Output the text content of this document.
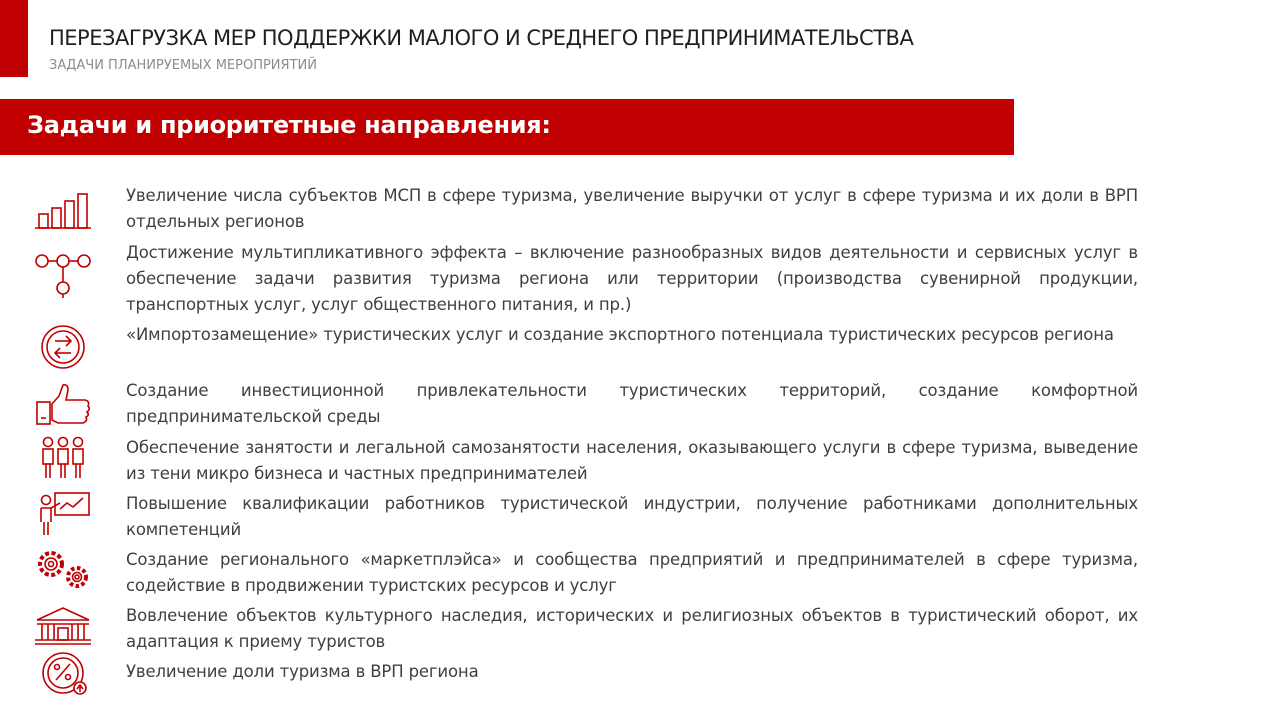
ПЕРЕЗАГРУЗКА МЕР ПОДДЕРЖКИ МАЛОГО И СРЕДНЕГО ПРЕДПРИНИМАТЕЛЬСТВА
ЗАДАЧИ ПЛАНИРУЕМЫХ МЕРОПРИЯТИЙ
Задачи и приоритетные направления:

Увеличение числа субъектов МСП в сфере туризма, увеличение выручки от услуг в сфере туризма и их доли в ВРП отдельных регионов

Достижение мультипликативного эффекта – включение разнообразных видов деятельности и сервисных услуг в обеспечение задачи развития туризма региона или территории (производства сувенирной продукции, транспортных услуг, услуг общественного питания, и пр.)

«Импортозамещение» туристических услуг и создание экспортного потенциала туристических ресурсов региона

Создание инвестиционной привлекательности туристических территорий, создание комфортной предпринимательской среды

Обеспечение занятости и легальной самозанятости населения, оказывающего услуги в сфере туризма, выведение из тени микро бизнеса и частных предпринимателей

Повышение квалификации работников туристической индустрии, получение работниками дополнительных компетенций

Создание регионального «маркетплэйса» и сообщества предприятий и предпринимателей в сфере туризма, содействие в продвижении туристских ресурсов и услуг

Вовлечение объектов культурного наследия, исторических и религиозных объектов в туристический оборот, их адаптация к приему туристов

Увеличение доли туризма в ВРП региона
